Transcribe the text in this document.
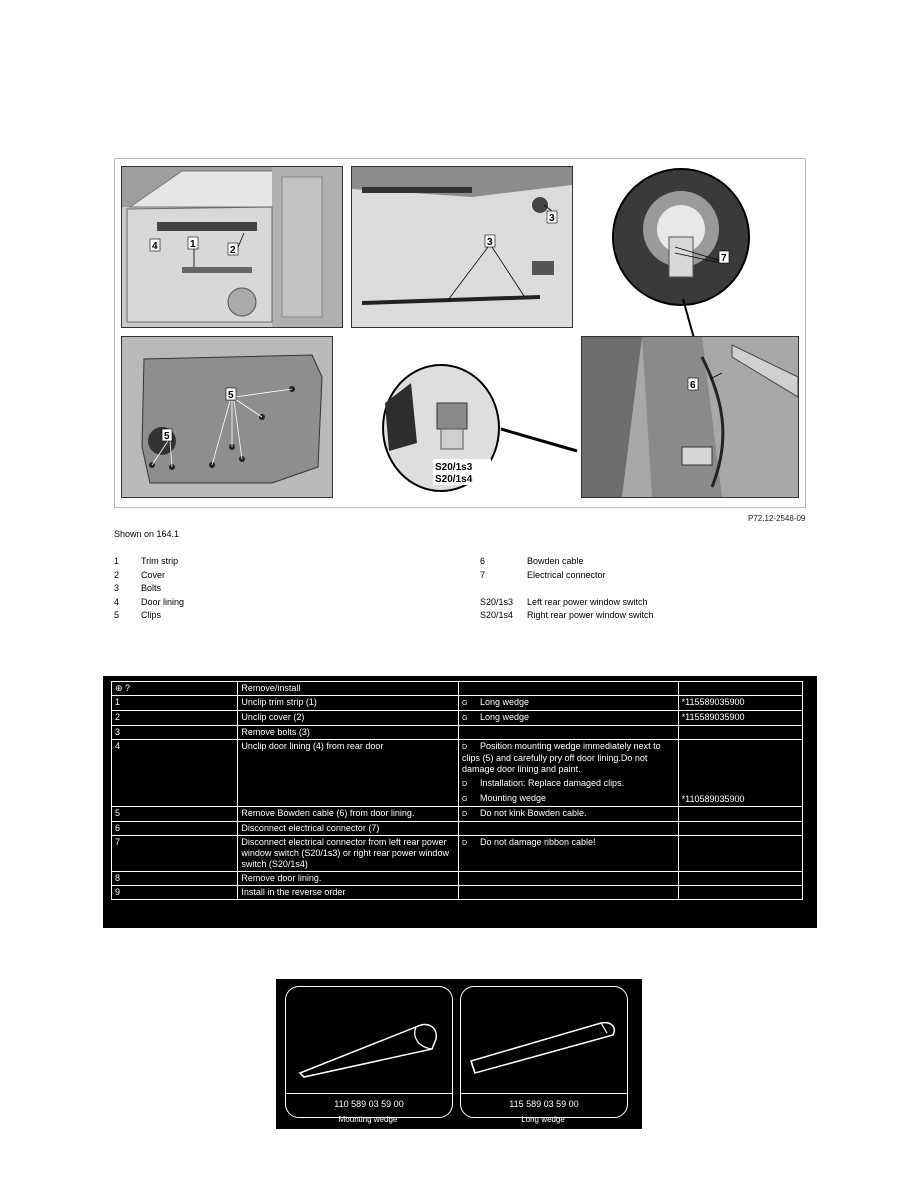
4	1
2
3
3
7
5
5
S20/1s3
S20/1s4
6
P72.12-2548-09
Shown on 164.1
1	Trim strip
2	Cover
3	Bolts
4	Door lining
5	Clips
6	Bowden cable
7	Electrical connector
S20/1s3	Left rear power window switch
S20/1s4	Right rear power window switch
⊕ ?	Remove/install		
1	Unclip trim strip (1)	G Long wedge	*115589035900
2	Unclip cover (2)	G Long wedge	*115589035900
3	Remove bolts (3)		
4	Unclip door lining (4) from rear door	D Position mounting wedge immediately next to clips (5) and carefully pry off door lining.Do not damage door lining and paint.
D Installation: Replace damaged clips.
G Mounting wedge	*110589035900
5	Remove Bowden cable (6) from door lining.	D Do not kink Bowden cable.	

6	Disconnect electrical connector (7)		
7	Disconnect electrical connector from left rear power window switch (S20/1s3) or right rear power window switch (S20/1s4)	D Do not damage ribbon cable!	

8	Remove door lining.		
9	Install in the reverse order		
110 589 03 59 00
Mounting wedge
115 589 03 59 00
Long wedge
